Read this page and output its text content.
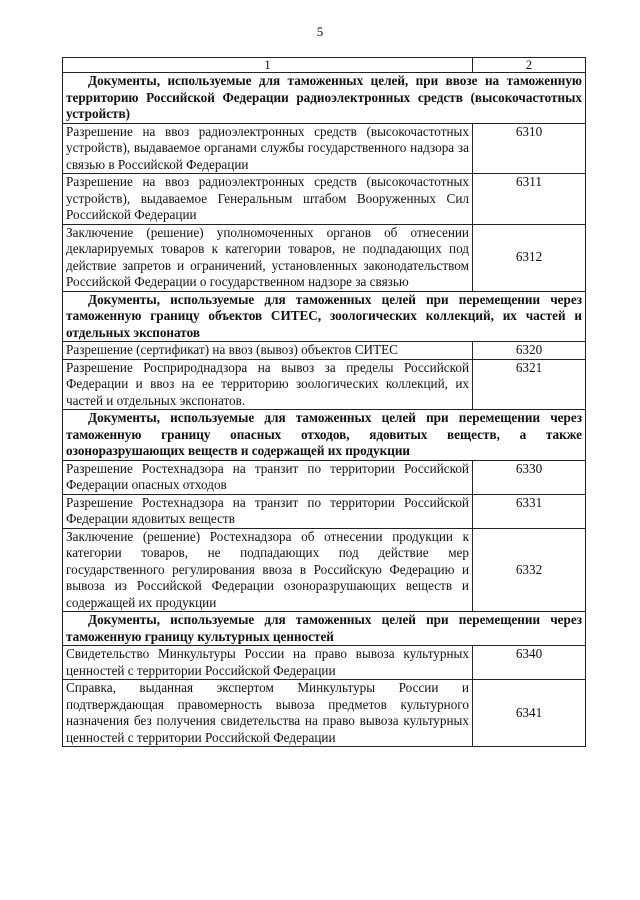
5
1	2
Документы, используемые для таможенных целей, при ввозе на таможенную территорию Российской Федерации радиоэлектронных средств (высокочастотных устройств)	
Разрешение на ввоз радиоэлектронных средств (высокочастотных устройств), выдаваемое органами службы государственного надзора за связью в Российской Федерации	6310
Разрешение на ввоз радиоэлектронных средств (высокочастотных устройств), выдаваемое Генеральным штабом Вооруженных Сил Российской Федерации	6311
Заключение (решение) уполномоченных органов об отнесении декларируемых товаров к категории товаров, не подпадающих под действие запретов и ограничений, установленных законодательством Российской Федерации о государственном надзоре за связью	6312
Документы, используемые для таможенных целей при перемещении через таможенную границу объектов СИТЕС, зоологических коллекций, их частей и отдельных экспонатов	
Разрешение (сертификат) на ввоз (вывоз) объектов СИТЕС	6320
Разрешение Росприроднадзора на вывоз за пределы Российской Федерации и ввоз на ее территорию зоологических коллекций, их частей и отдельных экспонатов.	6321
Документы, используемые для таможенных целей при перемещении через таможенную границу опасных отходов, ядовитых веществ, а также озоноразрушающих веществ и содержащей их продукции	
Разрешение Ростехнадзора на транзит по территории Российской Федерации опасных отходов	6330
Разрешение Ростехнадзора на транзит по территории Российской Федерации ядовитых веществ	6331
Заключение (решение) Ростехнадзора об отнесении продукции к категории товаров, не подпадающих под действие мер государственного регулирования ввоза в Российскую Федерацию и вывоза из Российской Федерации озоноразрушающих веществ и содержащей их продукции	6332
Документы, используемые для таможенных целей при перемещении через таможенную границу культурных ценностей	
Свидетельство Минкультуры России на право вывоза культурных ценностей с территории Российской Федерации	6340
Справка, выданная экспертом Минкультуры России и подтверждающая правомерность вывоза предметов культурного назначения без получения свидетельства на право вывоза культурных ценностей с территории Российской Федерации	6341
